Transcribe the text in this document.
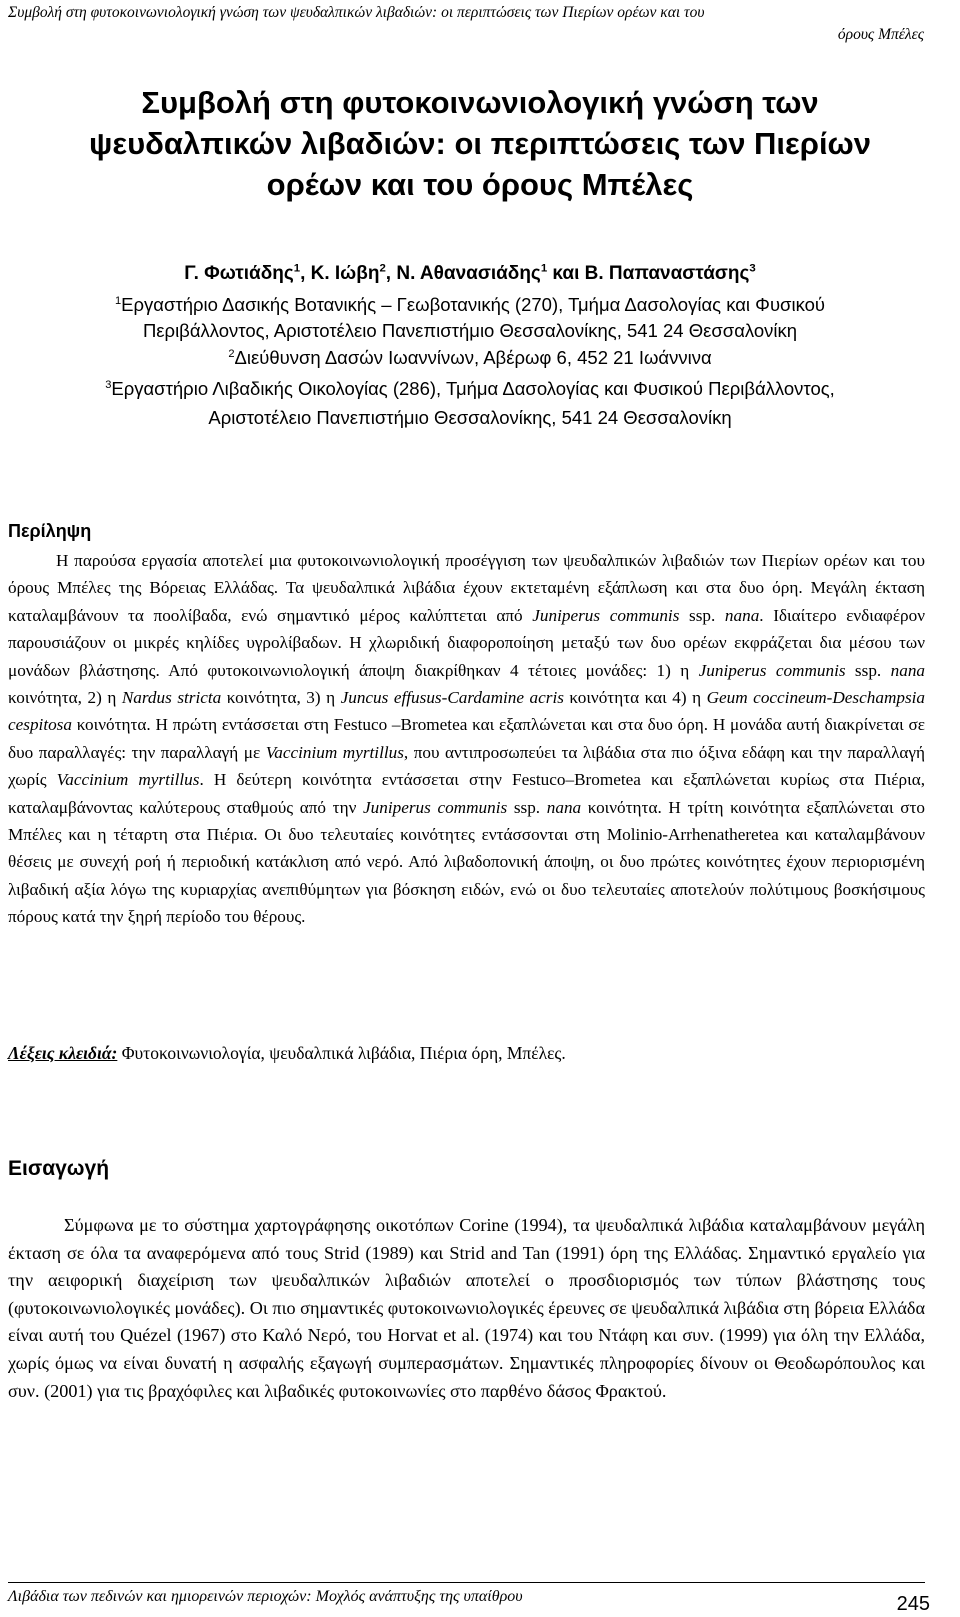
Συμβολή στη φυτοκοινωνιολογική γνώση των ψευδαλπικών λιβαδιών: οι περιπτώσεις των Πιερίων ορέων και του
όρους Μπέλες
Συμβολή στη φυτοκοινωνιολογική γνώση των
ψευδαλπικών λιβαδιών: οι περιπτώσεις των Πιερίων
ορέων και του όρους Μπέλες
Γ. Φωτιάδης$^1$, Κ. Ιώβη$^2$, Ν. Αθανασιάδης$^1$ και Β. Παπαναστάσης$^3$
$^1$Εργαστήριο Δασικής Βοτανικής – Γεωβοτανικής (270), Τμήμα Δασολογίας και Φυσικού
Περιβάλλοντος, Αριστοτέλειο Πανεπιστήμιο Θεσσαλονίκης, 541 24 Θεσσαλονίκη
$^2$Διεύθυνση Δασών Ιωαννίνων, Αβέρωφ 6, 452 21 Ιωάννινα
$^3$Εργαστήριο Λιβαδικής Οικολογίας (286), Τμήμα Δασολογίας και Φυσικού Περιβάλλοντος,
Αριστοτέλειο Πανεπιστήμιο Θεσσαλονίκης, 541 24 Θεσσαλονίκη
Περίληψη

Η παρούσα εργασία αποτελεί μια φυτοκοινωνιολογική προσέγγιση των ψευδαλπικών λιβαδιών των Πιερίων ορέων και του όρους Μπέλες της Βόρειας Ελλάδας. Τα ψευδαλπικά λιβάδια έχουν εκτεταμένη εξάπλωση και στα δυο όρη. Μεγάλη έκταση καταλαμβάνουν τα ποολίβαδα, ενώ σημαντικό μέρος καλύπτεται από Juniperus communis ssp. nana. Ιδιαίτερο ενδιαφέρον παρουσιάζουν οι μικρές κηλίδες υγρολίβαδων. Η χλωριδική διαφοροποίηση μεταξύ των δυο ορέων εκφράζεται δια μέσου των μονάδων βλάστησης. Από φυτοκοινωνιολογική άποψη διακρίθηκαν 4 τέτοιες μονάδες: 1) η Juniperus communis ssp. nana κοινότητα, 2) η Nardus stricta κοινότητα, 3) η Juncus effusus-Cardamine acris κοινότητα και 4) η Geum coccineum-Deschampsia cespitosa κοινότητα. Η πρώτη εντάσσεται στη Festuco –Brometea και εξαπλώνεται και στα δυο όρη. Η μονάδα αυτή διακρίνεται σε δυο παραλλαγές: την παραλλαγή με Vaccinium myrtillus, που αντιπροσωπεύει τα λιβάδια στα πιο όξινα εδάφη και την παραλλαγή χωρίς Vaccinium myrtillus. Η δεύτερη κοινότητα εντάσσεται στην Festuco–Brometea και εξαπλώνεται κυρίως στα Πιέρια, καταλαμβάνοντας καλύτερους σταθμούς από την Juniperus communis ssp. nana κοινότητα. Η τρίτη κοινότητα εξαπλώνεται στο Μπέλες και η τέταρτη στα Πιέρια. Οι δυο τελευταίες κοινότητες εντάσσονται στη Molinio-Arrhenatheretea και καταλαμβάνουν θέσεις με συνεχή ροή ή περιοδική κατάκλιση από νερό. Από λιβαδοπονική άποψη, οι δυο πρώτες κοινότητες έχουν περιορισμένη λιβαδική αξία λόγω της κυριαρχίας ανεπιθύμητων για βόσκηση ειδών, ενώ οι δυο τελευταίες αποτελούν πολύτιμους βοσκήσιμους πόρους κατά την ξηρή περίοδο του θέρους.

Λέξεις κλειδιά: Φυτοκοινωνιολογία, ψευδαλπικά λιβάδια, Πιέρια όρη, Μπέλες.
Εισαγωγή

Σύμφωνα με το σύστημα χαρτογράφησης οικοτόπων Corine (1994), τα ψευδαλπικά λιβάδια καταλαμβάνουν μεγάλη έκταση σε όλα τα αναφερόμενα από τους Strid (1989) και Strid and Tan (1991) όρη της Ελλάδας. Σημαντικό εργαλείο για την αειφορική διαχείριση των ψευδαλπικών λιβαδιών αποτελεί ο προσδιορισμός των τύπων βλάστησης τους (φυτοκοινωνιολογικές μονάδες). Οι πιο σημαντικές φυτοκοινωνιολογικές έρευνες σε ψευδαλπικά λιβάδια στη βόρεια Ελλάδα είναι αυτή του Quézel (1967) στο Καλό Νερό, του Horvat et al. (1974) και του Ντάφη και συν. (1999) για όλη την Ελλάδα, χωρίς όμως να είναι δυνατή η ασφαλής εξαγωγή συμπερασμάτων. Σημαντικές πληροφορίες δίνουν οι Θεοδωρόπουλος και συν. (2001) για τις βραχόφιλες και λιβαδικές φυτοκοινωνίες στο παρθένο δάσος Φρακτού.

Λιβάδια των πεδινών και ημιορεινών περιοχών: Μοχλός ανάπτυξης της υπαίθρου	245
